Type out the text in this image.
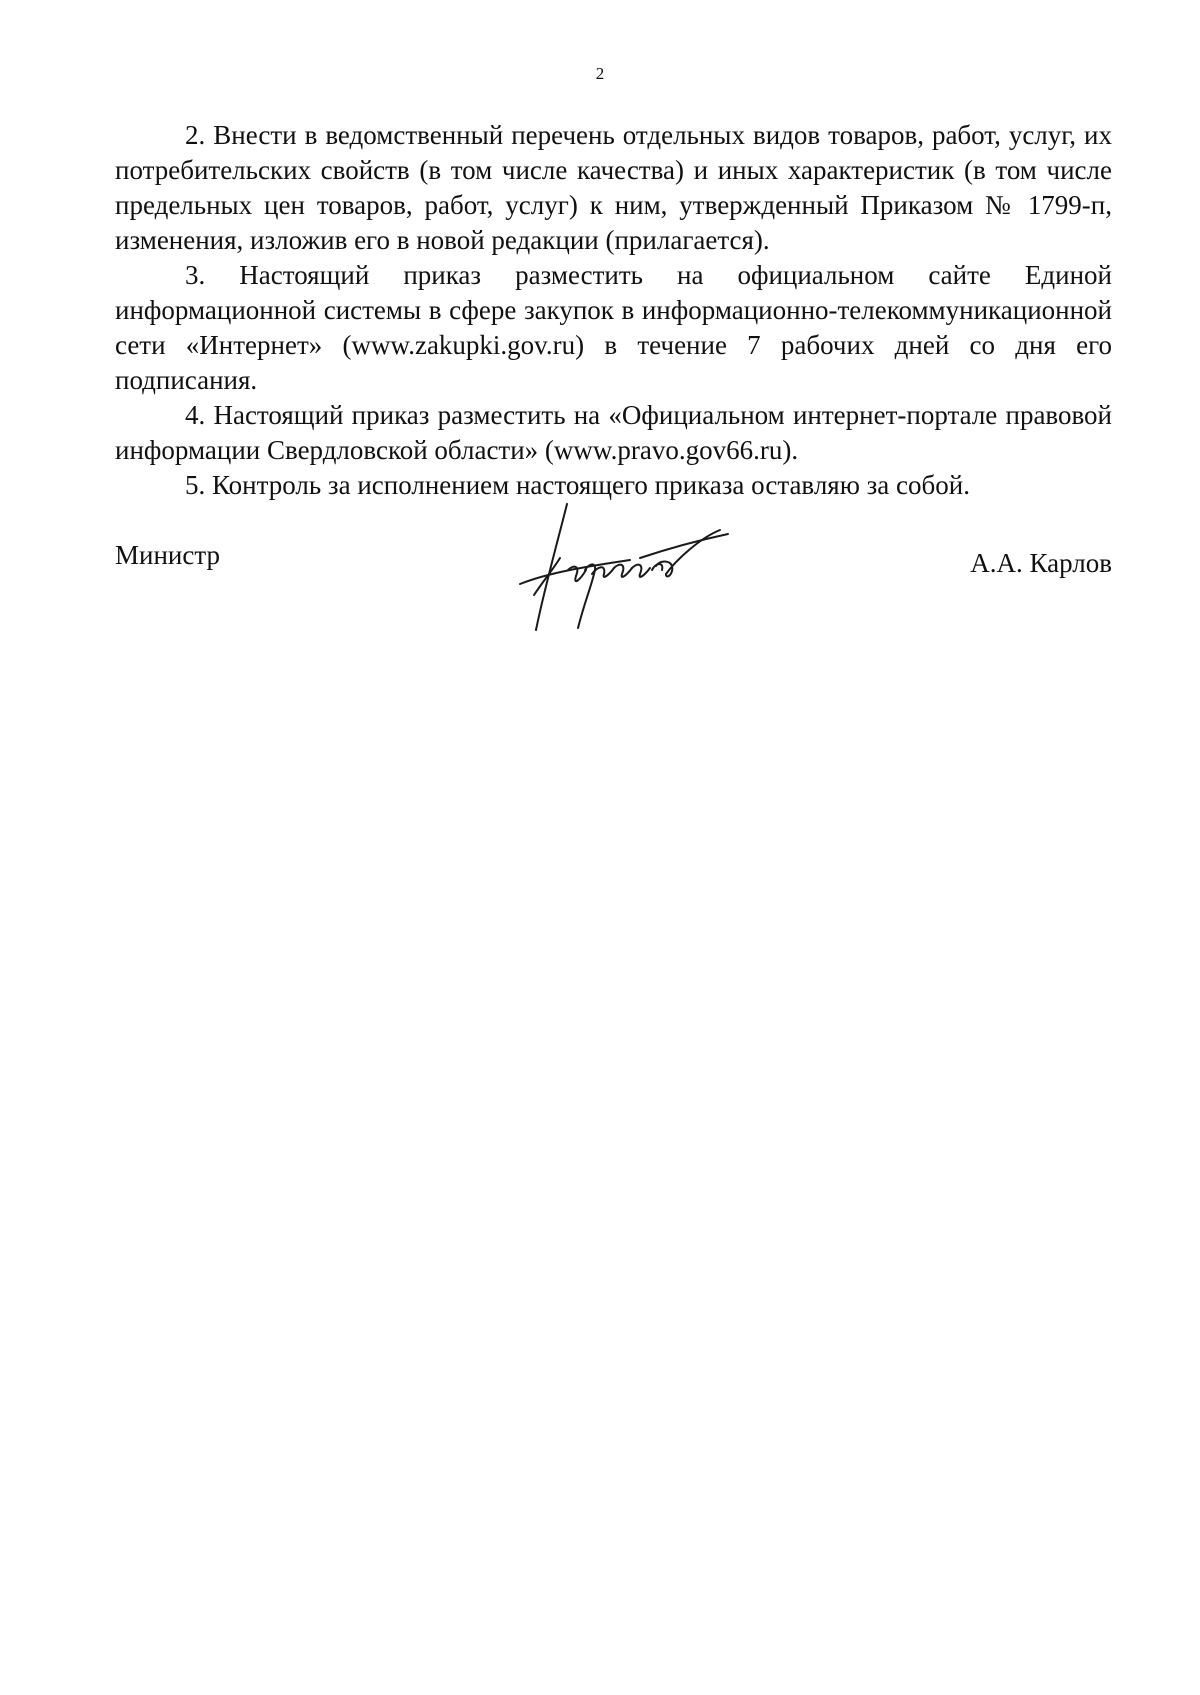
2

2. Внести в ведомственный перечень отдельных видов товаров, работ, услуг, их потребительских свойств (в том числе качества) и иных характеристик (в том числе предельных цен товаров, работ, услуг) к ним, утвержденный Приказом № 1799-п, изменения, изложив его в новой редакции (прилагается).

3. Настоящий приказ разместить на официальном сайте Единой информационной системы в сфере закупок в информационно-телекоммуникационной сети «Интернет» (www.zakupki.gov.ru) в течение 7 рабочих дней со дня его подписания.

4. Настоящий приказ разместить на «Официальном интернет-портале правовой информации Свердловской области» (www.pravo.gov66.ru).

5. Контроль за исполнением настоящего приказа оставляю за собой.

Министр	А.А. Карлов
